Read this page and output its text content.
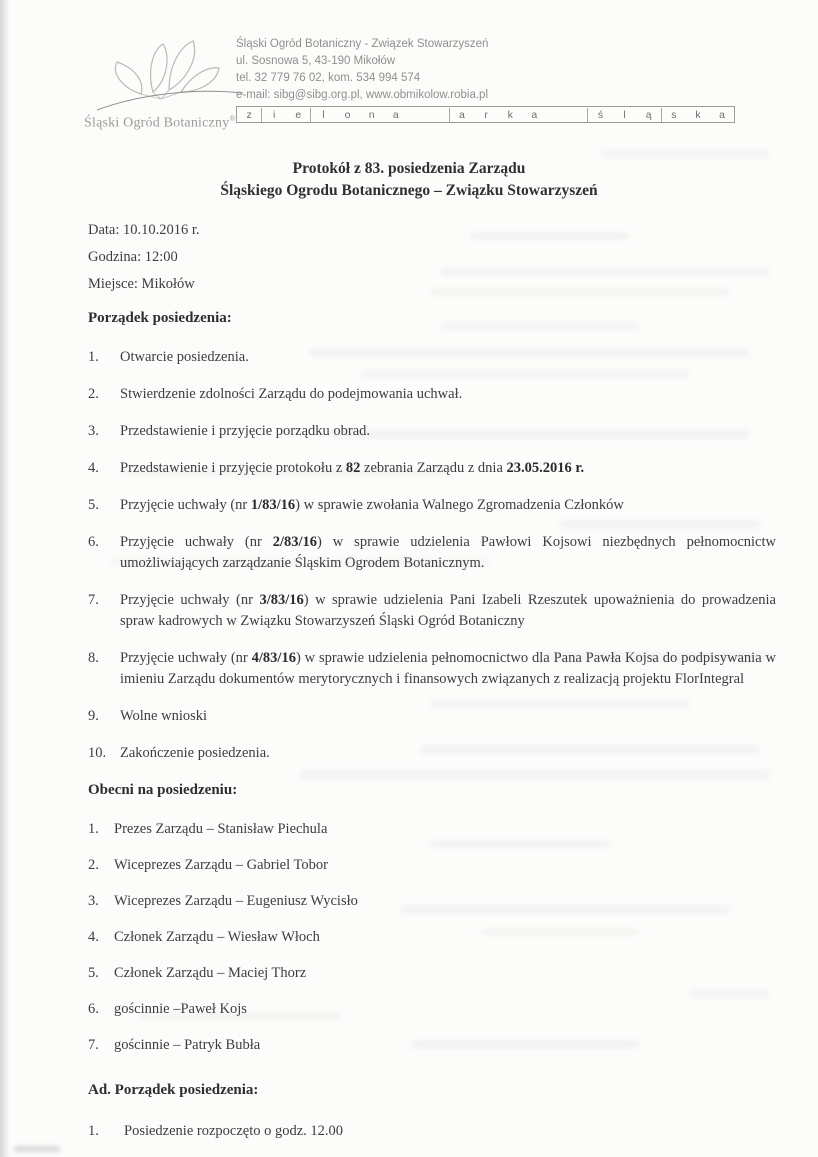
Śląski Ogród Botaniczny®
Śląski Ogród Botaniczny - Związek Stowarzyszeń
ul. Sosnowa 5, 43-190 Mikołów
tel. 32 779 76 02, kom. 534 994 574
e-mail: sibg@sibg.org.pl, www.obmikolow.robia.pl
z	i	e	l	o	n	a	a	r	k	a	ś	l	ą	s	k	a
Protokół z 83. posiedzenia Zarządu
Śląskiego Ogrodu Botanicznego – Związku Stowarzyszeń
Data: 10.10.2016 r.
Godzina: 12:00
Miejsce: Mikołów
Porządek posiedzenia:
1.	Otwarcie posiedzenia.
2.	Stwierdzenie zdolności Zarządu do podejmowania uchwał.
3.	Przedstawienie i przyjęcie porządku obrad.
4.	Przedstawienie i przyjęcie protokołu z 82 zebrania Zarządu z dnia 23.05.2016 r.
5.	Przyjęcie uchwały (nr 1/83/16) w sprawie zwołania Walnego Zgromadzenia Członków
6.	Przyjęcie uchwały (nr 2/83/16) w sprawie udzielenia Pawłowi Kojsowi niezbędnych pełnomocnictw umożliwiających zarządzanie Śląskim Ogrodem Botanicznym.
7.	Przyjęcie uchwały (nr 3/83/16) w sprawie udzielenia Pani Izabeli Rzeszutek upoważnienia do prowadzenia spraw kadrowych w Związku Stowarzyszeń Śląski Ogród Botaniczny
8.	Przyjęcie uchwały (nr 4/83/16) w sprawie udzielenia pełnomocnictwo dla Pana Pawła Kojsa do podpisywania w imieniu Zarządu dokumentów merytorycznych i finansowych związanych z realizacją projektu FlorIntegral
9.	Wolne wnioski
10. Zakończenie posiedzenia.
Obecni na posiedzeniu:
1.	Prezes Zarządu – Stanisław Piechula
2.	Wiceprezes Zarządu – Gabriel Tobor
3.	Wiceprezes Zarządu – Eugeniusz Wycisło
4.	Członek Zarządu – Wiesław Włoch
5.	Członek Zarządu – Maciej Thorz
6.	gościnnie –Paweł Kojs
7.	gościnnie – Patryk Bubła
Ad. Porządek posiedzenia:
1.	Posiedzenie rozpoczęto o godz. 12.00
